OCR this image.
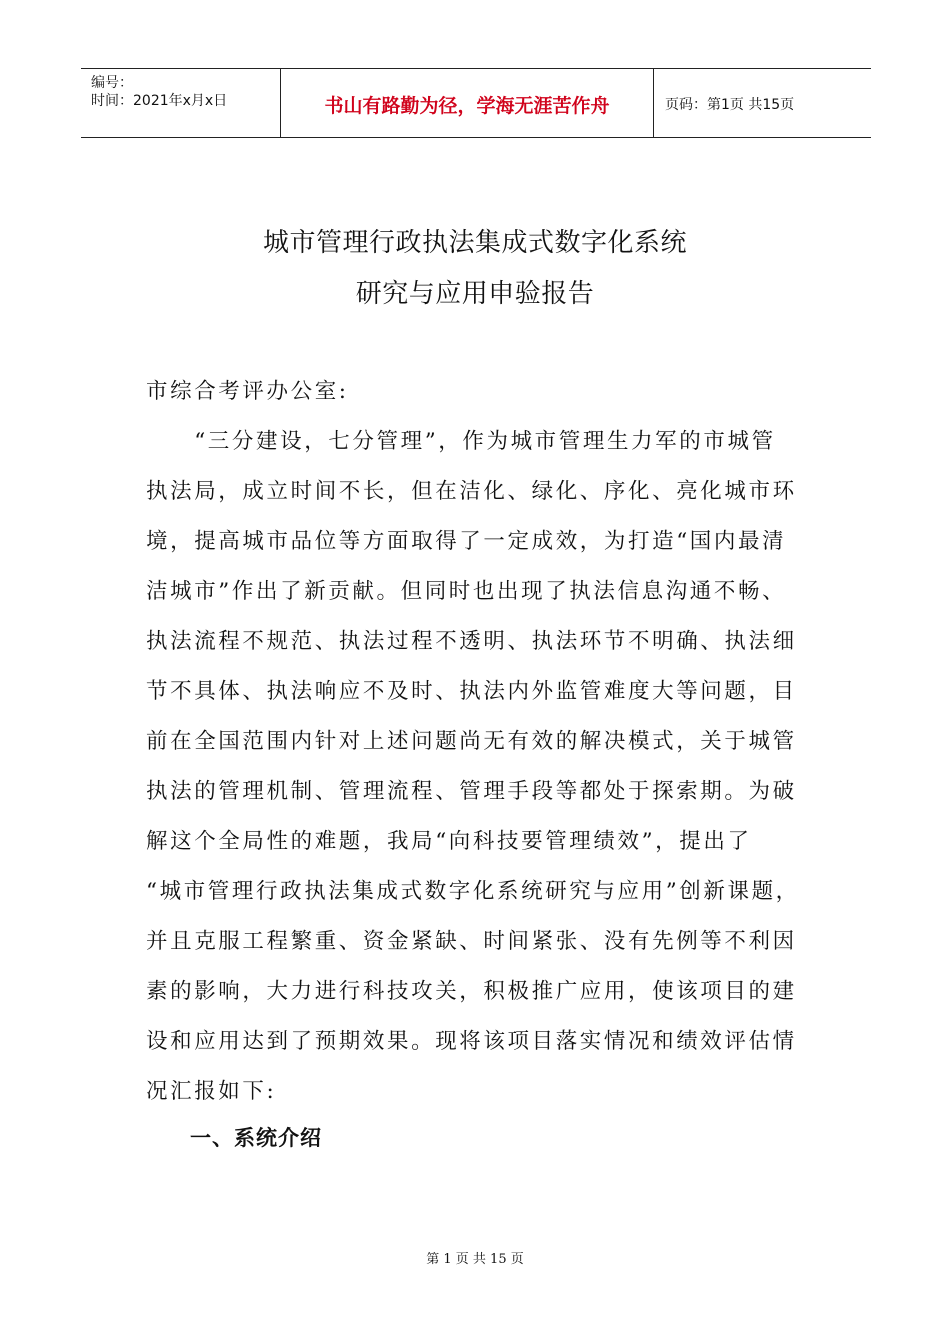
编号：
时间：2021年x月x日	书山有路勤为径，学海无涯苦作舟	页码：第1页 共15页
城市管理行政执法集成式数字化系统
研究与应用申验报告
市综合考评办公室:
　　“三分建设，七分管理”，作为城市管理生力军的市城管
执法局，成立时间不长，但在洁化、绿化、序化、亮化城市环
境，提高城市品位等方面取得了一定成效，为打造“国内最清
洁城市”作出了新贡献。但同时也出现了执法信息沟通不畅、
执法流程不规范、执法过程不透明、执法环节不明确、执法细
节不具体、执法响应不及时、执法内外监管难度大等问题，目
前在全国范围内针对上述问题尚无有效的解决模式，关于城管
执法的管理机制、管理流程、管理手段等都处于探索期。为破
解这个全局性的难题，我局“向科技要管理绩效”，提出了
“城市管理行政执法集成式数字化系统研究与应用”创新课题，
并且克服工程繁重、资金紧缺、时间紧张、没有先例等不利因
素的影响，大力进行科技攻关，积极推广应用，使该项目的建
设和应用达到了预期效果。现将该项目落实情况和绩效评估情
况汇报如下:
一、系统介绍
第 1 页 共 15 页
